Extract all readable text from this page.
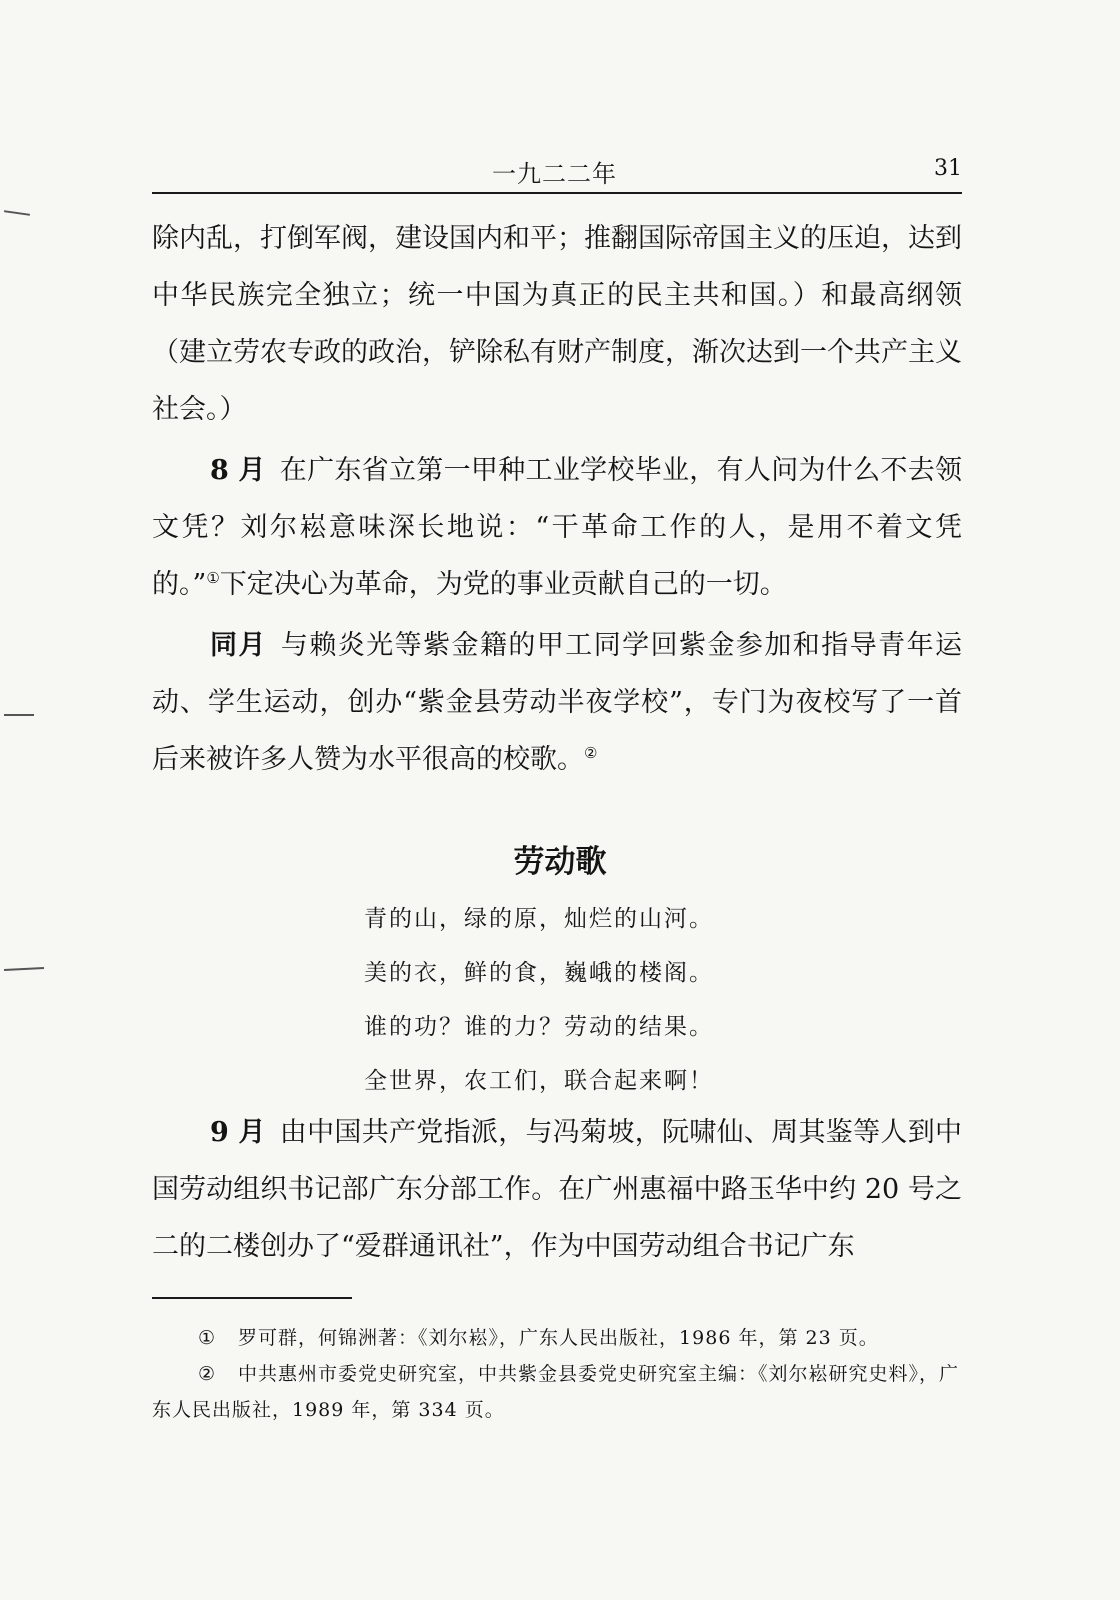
一九二二年	31

除内乱，打倒军阀，建设国内和平；推翻国际帝国主义的压迫，达到中华民族完全独立；统一中国为真正的民主共和国。）和最高纲领（建立劳农专政的政治，铲除私有财产制度，渐次达到一个共产主义社会。）

8 月 在广东省立第一甲种工业学校毕业，有人问为什么不去领文凭？刘尔崧意味深长地说：“干革命工作的人，是用不着文凭的。”①下定决心为革命，为党的事业贡献自己的一切。

同月 与赖炎光等紫金籍的甲工同学回紫金参加和指导青年运动、学生运动，创办“紫金县劳动半夜学校”，专门为夜校写了一首后来被许多人赞为水平很高的校歌。②

劳动歌
青的山，绿的原，灿烂的山河。
美的衣，鲜的食，巍峨的楼阁。
谁的功？谁的力？劳动的结果。
全世界，农工们，联合起来啊！

9 月 由中国共产党指派，与冯菊坡，阮啸仙、周其鉴等人到中国劳动组织书记部广东分部工作。在广州惠福中路玉华中约 20 号之二的二楼创办了“爱群通讯社”，作为中国劳动组合书记广东

① 罗可群，何锦洲著：《刘尔崧》，广东人民出版社，1986 年，第 23 页。

② 中共惠州市委党史研究室，中共紫金县委党史研究室主编：《刘尔崧研究史料》，广东人民出版社，1989 年，第 334 页。
